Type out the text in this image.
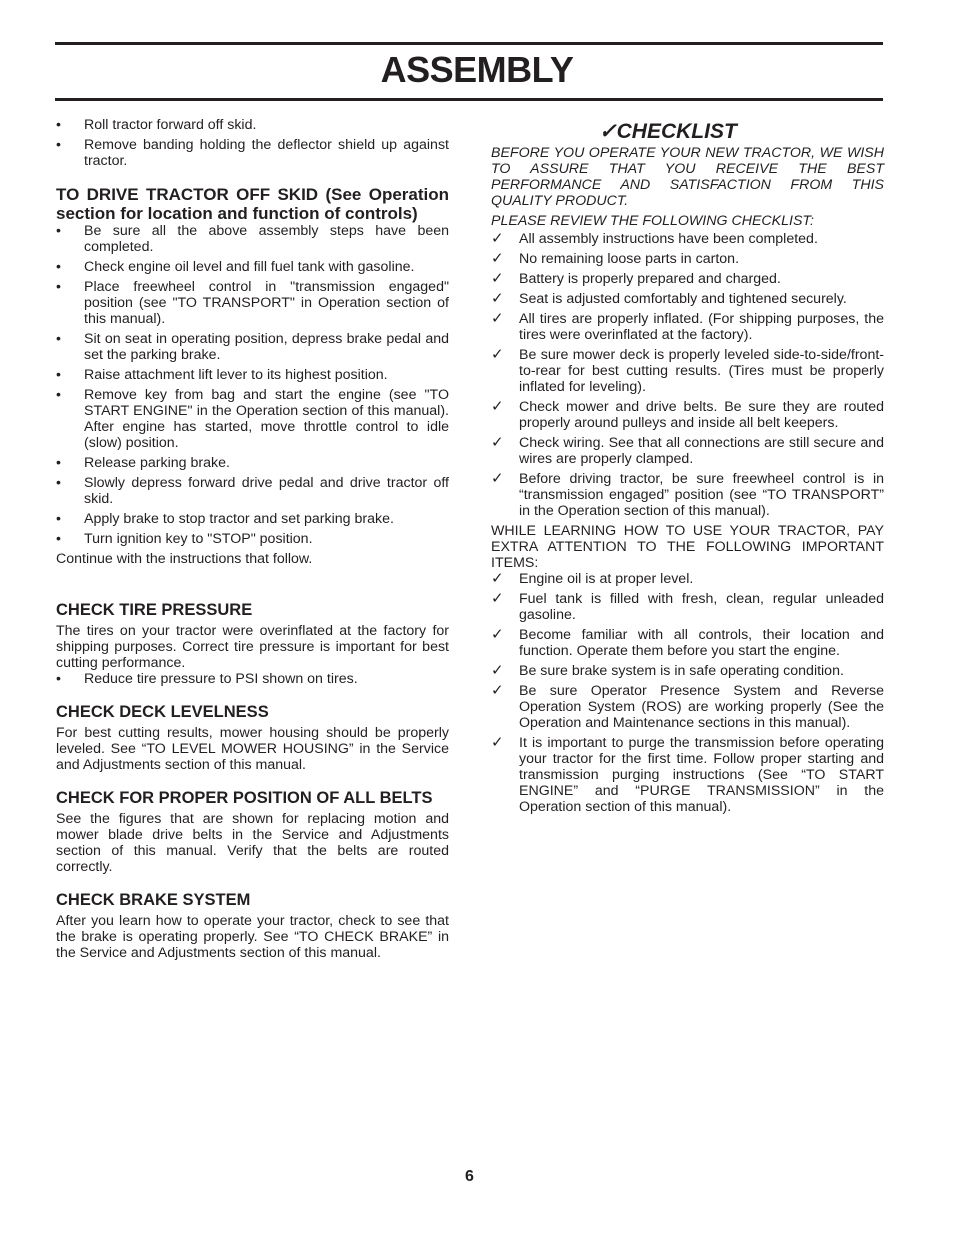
ASSEMBLY
• Roll tractor forward off skid.
• Remove banding holding the deflector shield up against tractor.
TO DRIVE TRACTOR OFF SKID (See Operation section for location and function of controls)
• Be sure all the above assembly steps have been completed.
• Check engine oil level and fill fuel tank with gasoline.
• Place freewheel control in "transmission engaged" position (see "TO TRANSPORT" in Operation section of this manual).
• Sit on seat in operating position, depress brake pedal and set the parking brake.
• Raise attachment lift lever to its highest position.
• Remove key from bag and start the engine (see "TO START ENGINE" in the Operation section of this manual). After engine has started, move throttle control to idle (slow) position.
• Release parking brake.
• Slowly depress forward drive pedal and drive tractor off skid.
• Apply brake to stop tractor and set parking brake.
• Turn ignition key to "STOP" position.

Continue with the instructions that follow.

CHECK TIRE PRESSURE

The tires on your tractor were overinflated at the factory for shipping purposes. Correct tire pressure is important for best cutting performance.

• Reduce tire pressure to PSI shown on tires.
CHECK DECK LEVELNESS

For best cutting results, mower housing should be properly leveled. See “TO LEVEL MOWER HOUSING” in the Service and Adjustments section of this manual.

CHECK FOR PROPER POSITION OF ALL BELTS

See the figures that are shown for replacing motion and mower blade drive belts in the Service and Adjustments section of this manual. Verify that the belts are routed correctly.

CHECK BRAKE SYSTEM

After you learn how to operate your tractor, check to see that the brake is operating properly. See “TO CHECK BRAKE” in the Service and Adjustments section of this manual.

✓CHECKLIST

BEFORE YOU OPERATE YOUR NEW TRACTOR, WE WISH TO ASSURE THAT YOU RECEIVE THE BEST PERFORMANCE AND SATISFACTION FROM THIS QUALITY PRODUCT.

PLEASE REVIEW THE FOLLOWING CHECKLIST:

✓ All assembly instructions have been completed.
✓ No remaining loose parts in carton.
✓ Battery is properly prepared and charged.
✓ Seat is adjusted comfortably and tightened securely.
✓ All tires are properly inflated. (For shipping purposes, the tires were overinflated at the factory).
✓ Be sure mower deck is properly leveled side-to-side/front-to-rear for best cutting results. (Tires must be properly inflated for leveling).
✓ Check mower and drive belts. Be sure they are routed properly around pulleys and inside all belt keepers.
✓ Check wiring. See that all connections are still secure and wires are properly clamped.
✓ Before driving tractor, be sure freewheel control is in “transmission engaged” position (see “TO TRANSPORT” in the Operation section of this manual).

WHILE LEARNING HOW TO USE YOUR TRACTOR, PAY EXTRA ATTENTION TO THE FOLLOWING IMPORTANT ITEMS:

✓ Engine oil is at proper level.
✓ Fuel tank is filled with fresh, clean, regular unleaded gasoline.
✓ Become familiar with all controls, their location and function. Operate them before you start the engine.
✓ Be sure brake system is in safe operating condition.
✓ Be sure Operator Presence System and Reverse Operation System (ROS) are working properly (See the Operation and Maintenance sections in this manual).
✓ It is important to purge the transmission before operating your tractor for the first time. Follow proper starting and transmission purging instructions (See “TO START ENGINE” and “PURGE TRANSMISSION” in the Operation section of this manual).
6
